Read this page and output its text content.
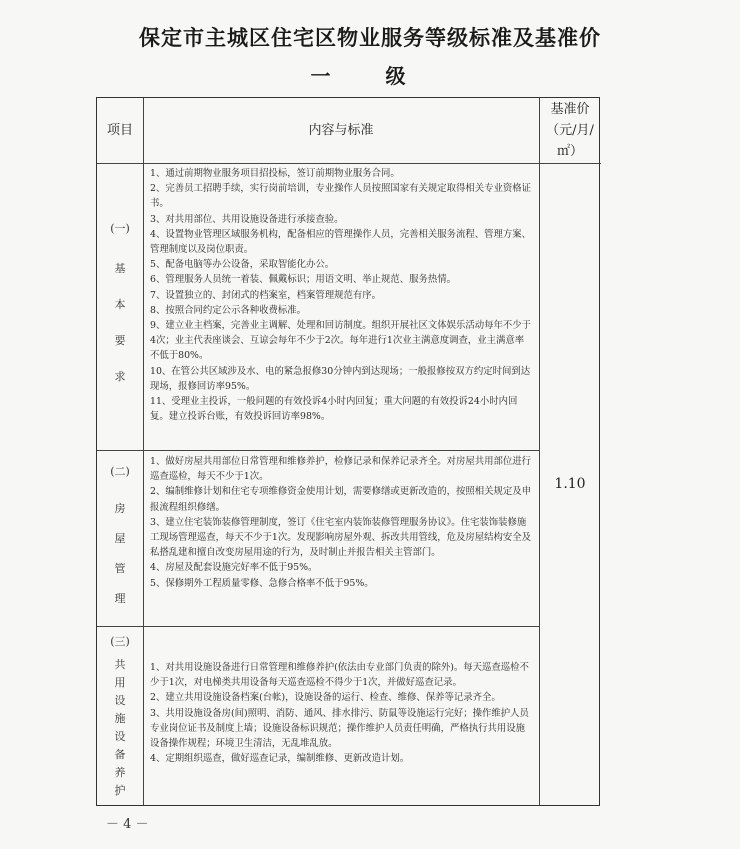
保定市主城区住宅区物业服务等级标准及基准价
一 级
项目	内容与标准
基准价
（元/月/
㎡）
(一)
基
本
要
求

1、通过前期物业服务项目招投标，签订前期物业服务合同。

2、完善员工招聘手续，实行岗前培训，专业操作人员按照国家有关规定取得相关专业资格证书。

3、对共用部位、共用设施设备进行承接查验。

4、设置物业管理区域服务机构，配备相应的管理操作人员，完善相关服务流程、管理方案、管理制度以及岗位职责。

5、配备电脑等办公设备，采取智能化办公。

6、管理服务人员统一着装、佩戴标识；用语文明、举止规范、服务热情。

7、设置独立的、封闭式的档案室，档案管理规范有序。

8、按照合同约定公示各种收费标准。

9、建立业主档案，完善业主调解、处理和回访制度。组织开展社区文体娱乐活动每年不少于4次；业主代表座谈会、互谅会每年不少于2次。每年进行1次业主满意度调查，业主满意率不低于80%。

10、在管公共区域涉及水、电的紧急报修30分钟内到达现场；一般报修按双方约定时间到达现场，报修回访率95%。

11、受理业主投诉，一般问题的有效投诉4小时内回复；重大问题的有效投诉24小时内回复。建立投诉台账，有效投诉回访率98%。

(二)
房
屋
管
理

1、做好房屋共用部位日常管理和维修养护，检修记录和保养记录齐全。对房屋共用部位进行巡查巡检，每天不少于1次。

2、编制维修计划和住宅专项维修资金使用计划，需要修缮或更新改造的，按照相关规定及申报流程组织修缮。

3、建立住宅装饰装修管理制度，签订《住宅室内装饰装修管理服务协议》。住宅装饰装修施工现场管理巡查，每天不少于1次。发现影响房屋外观、拆改共用管线，危及房屋结构安全及私搭乱建和擅自改变房屋用途的行为，及时制止并报告相关主管部门。

4、房屋及配套设施完好率不低于95%。

5、保修期外工程质量零修、急修合格率不低于95%。

(三)
共
用
设
施
设
备
养
护

1、对共用设施设备进行日常管理和维修养护(依法由专业部门负责的除外)。每天巡查巡检不少于1次，对电梯类共用设备每天巡查巡检不得少于1次，并做好巡查记录。

2、建立共用设施设备档案(台帐)，设施设备的运行、检查、维修、保养等记录齐全。

3、共用设施设备房(间)照明、消防、通风、排水排污、防鼠等设施运行完好；操作维护人员专业岗位证书及制度上墙；设施设备标识规范；操作维护人员责任明确，严格执行共用设施设备操作规程；环境卫生清洁，无乱堆乱放。

4、定期组织巡查，做好巡查记录，编制维修、更新改造计划。

1.10
－ 4 －
